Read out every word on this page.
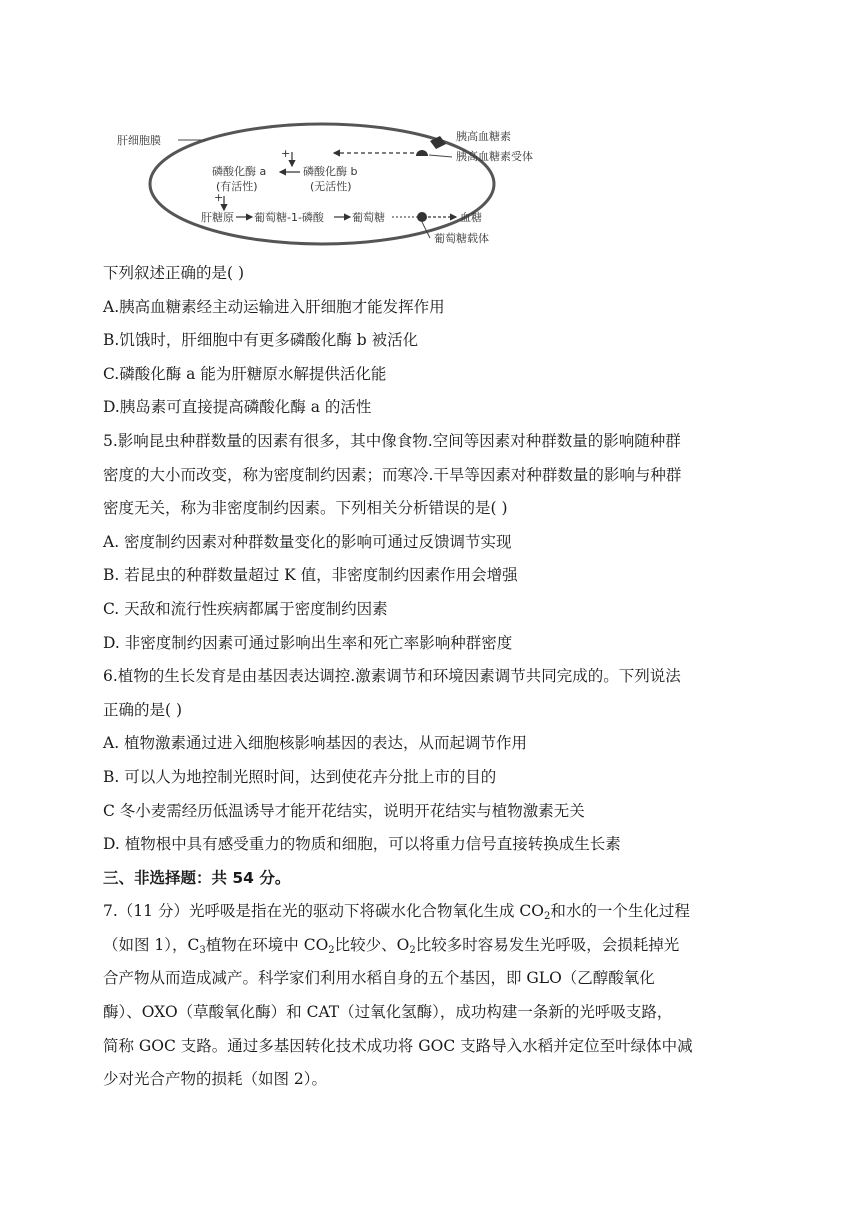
肝细胞膜	胰高血糖素
胰高血糖素受体
+
磷酸化酶 a
(有活性)
磷酸化酶 b
(无活性)
+
肝糖原 葡萄糖-1-磷酸	葡萄糖	血糖
葡萄糖载体
下列叙述正确的是( )
A.胰高血糖素经主动运输进入肝细胞才能发挥作用
B.饥饿时，肝细胞中有更多磷酸化酶 b 被活化
C.磷酸化酶 a 能为肝糖原水解提供活化能
D.胰岛素可直接提高磷酸化酶 a 的活性
5.影响昆虫种群数量的因素有很多，其中像食物.空间等因素对种群数量的影响随种群
密度的大小而改变，称为密度制约因素；而寒冷.干旱等因素对种群数量的影响与种群
密度无关，称为非密度制约因素。下列相关分析错误的是( )
A. 密度制约因素对种群数量变化的影响可通过反馈调节实现
B. 若昆虫的种群数量超过 K 值，非密度制约因素作用会增强
C. 天敌和流行性疾病都属于密度制约因素
D. 非密度制约因素可通过影响出生率和死亡率影响种群密度
6.植物的生长发育是由基因表达调控.激素调节和环境因素调节共同完成的。下列说法
正确的是( )
A. 植物激素通过进入细胞核影响基因的表达，从而起调节作用
B. 可以人为地控制光照时间，达到使花卉分批上市的目的
C 冬小麦需经历低温诱导才能开花结实，说明开花结实与植物激素无关
D. 植物根中具有感受重力的物质和细胞，可以将重力信号直接转换成生长素
三、非选择题：共 54 分。
7.（11 分）光呼吸是指在光的驱动下将碳水化合物氧化生成 $CO_2$和水的一个生化过程
（如图 1），$C_3$植物在环境中 $CO_2$比较少、$O_2$比较多时容易发生光呼吸，会损耗掉光
合产物从而造成减产。科学家们利用水稻自身的五个基因，即 GLO（乙醇酸氧化
酶）、OXO（草酸氧化酶）和 CAT（过氧化氢酶），成功构建一条新的光呼吸支路，
简称 GOC 支路。通过多基因转化技术成功将 GOC 支路导入水稻并定位至叶绿体中减
少对光合产物的损耗（如图 2）。
